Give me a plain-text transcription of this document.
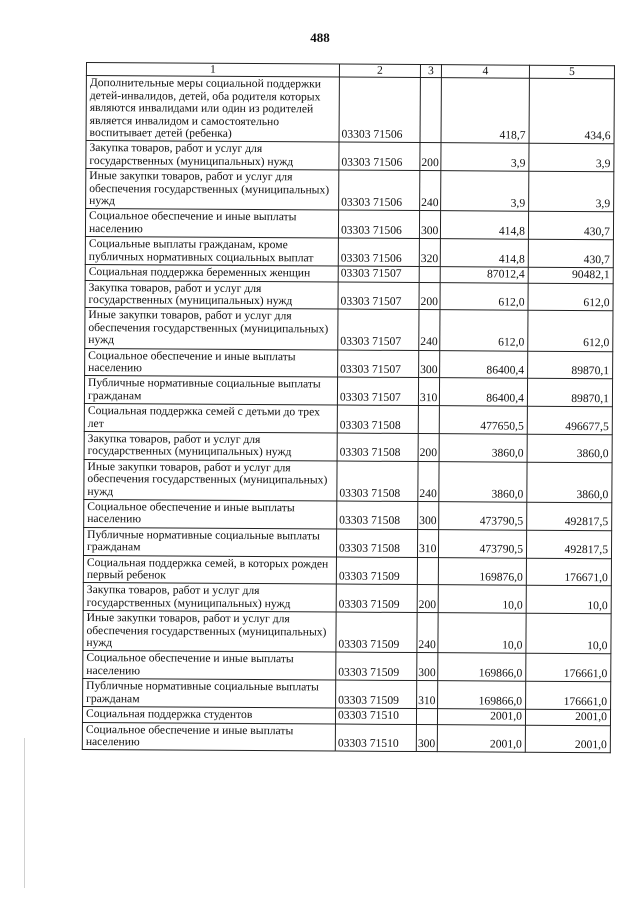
488
1	2	3	4	5
Дополнительные меры социальной поддержки детей-инвалидов, детей, оба родителя которых являются инвалидами или один из родителей является инвалидом и самостоятельно воспитывает детей (ребенка)	03303 71506		418,7	434,6
Закупка товаров, работ и услуг для государственных (муниципальных) нужд	03303 71506	200	3,9	3,9
Иные закупки товаров, работ и услуг для обеспечения государственных (муниципальных) нужд	03303 71506	240	3,9	3,9
Социальное обеспечение и иные выплаты населению	03303 71506	300	414,8	430,7
Социальные выплаты гражданам, кроме публичных нормативных социальных выплат	03303 71506	320	414,8	430,7
Социальная поддержка беременных женщин	03303 71507		87012,4	90482,1
Закупка товаров, работ и услуг для государственных (муниципальных) нужд	03303 71507	200	612,0	612,0
Иные закупки товаров, работ и услуг для обеспечения государственных (муниципальных) нужд	03303 71507	240	612,0	612,0
Социальное обеспечение и иные выплаты населению	03303 71507	300	86400,4	89870,1
Публичные нормативные социальные выплаты гражданам	03303 71507	310	86400,4	89870,1
Социальная поддержка семей с детьми до трех лет	03303 71508		477650,5	496677,5
Закупка товаров, работ и услуг для государственных (муниципальных) нужд	03303 71508	200	3860,0	3860,0
Иные закупки товаров, работ и услуг для обеспечения государственных (муниципальных) нужд	03303 71508	240	3860,0	3860,0
Социальное обеспечение и иные выплаты населению	03303 71508	300	473790,5	492817,5
Публичные нормативные социальные выплаты гражданам	03303 71508	310	473790,5	492817,5
Социальная поддержка семей, в которых рожден первый ребенок	03303 71509		169876,0	176671,0
Закупка товаров, работ и услуг для государственных (муниципальных) нужд	03303 71509	200	10,0	10,0
Иные закупки товаров, работ и услуг для обеспечения государственных (муниципальных) нужд	03303 71509	240	10,0	10,0
Социальное обеспечение и иные выплаты населению	03303 71509	300	169866,0	176661,0
Публичные нормативные социальные выплаты гражданам	03303 71509	310	169866,0	176661,0
Социальная поддержка студентов	03303 71510		2001,0	2001,0
Социальное обеспечение и иные выплаты населению	03303 71510	300	2001,0	2001,0
